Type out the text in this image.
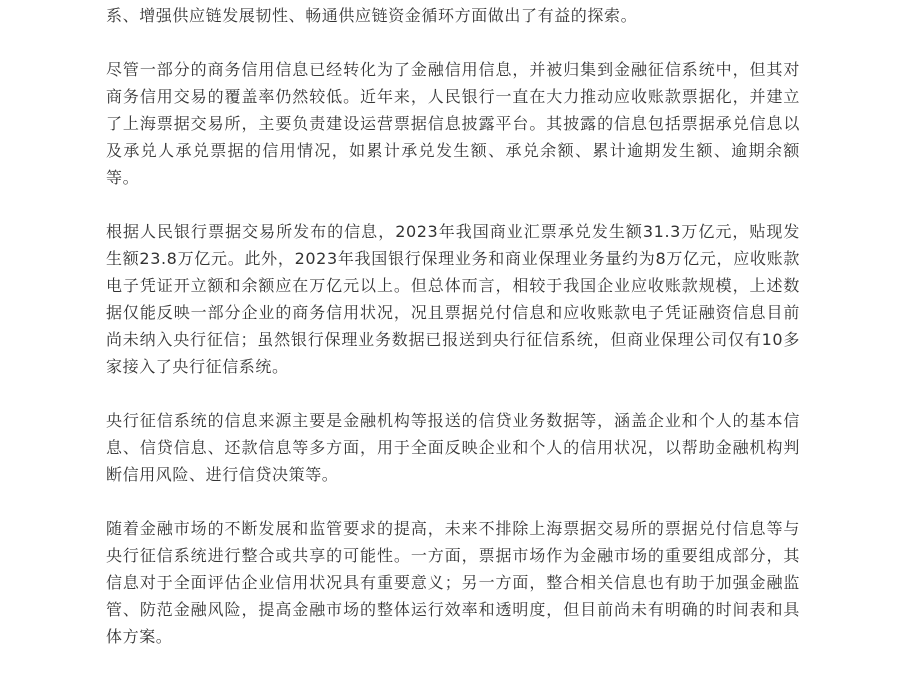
系、增强供应链发展韧性、畅通供应链资金循环方面做出了有益的探索。

尽管一部分的商务信用信息已经转化为了金融信用信息，并被归集到金融征信系统中，但其对商务信用交易的覆盖率仍然较低。近年来，人民银行一直在大力推动应收账款票据化，并建立了上海票据交易所，主要负责建设运营票据信息披露平台。其披露的信息包括票据承兑信息以及承兑人承兑票据的信用情况，如累计承兑发生额、承兑余额、累计逾期发生额、逾期余额等。

根据人民银行票据交易所发布的信息，2023年我国商业汇票承兑发生额31.3万亿元，贴现发生额23.8万亿元。此外，2023年我国银行保理业务和商业保理业务量约为8万亿元，应收账款电子凭证开立额和余额应在万亿元以上。但总体而言，相较于我国企业应收账款规模，上述数据仅能反映一部分企业的商务信用状况，况且票据兑付信息和应收账款电子凭证融资信息目前尚未纳入央行征信；虽然银行保理业务数据已报送到央行征信系统，但商业保理公司仅有10多家接入了央行征信系统。

央行征信系统的信息来源主要是金融机构等报送的信贷业务数据等，涵盖企业和个人的基本信息、信贷信息、还款信息等多方面，用于全面反映企业和个人的信用状况，以帮助金融机构判断信用风险、进行信贷决策等。

随着金融市场的不断发展和监管要求的提高，未来不排除上海票据交易所的票据兑付信息等与央行征信系统进行整合或共享的可能性。一方面，票据市场作为金融市场的重要组成部分，其信息对于全面评估企业信用状况具有重要意义；另一方面，整合相关信息也有助于加强金融监管、防范金融风险，提高金融市场的整体运行效率和透明度，但目前尚未有明确的时间表和具体方案。
